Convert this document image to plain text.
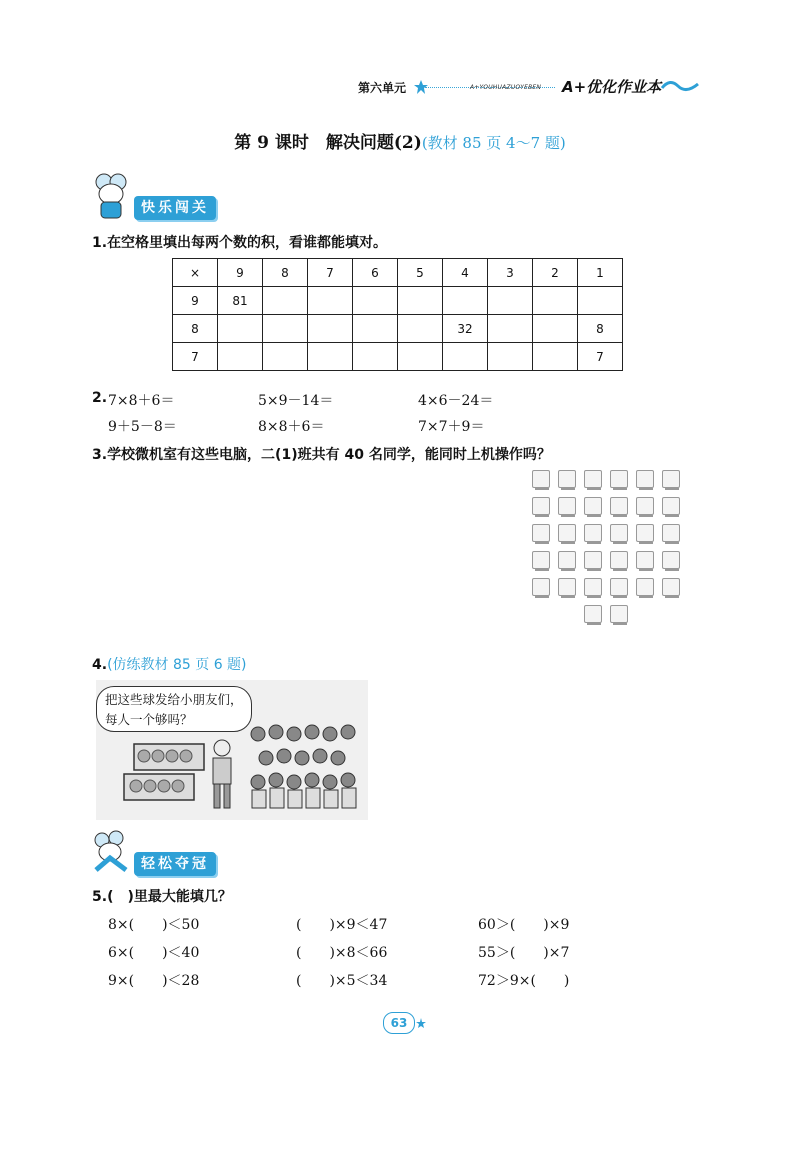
第六单元	A+YOUHUAZUOYEBEN A+优化作业本
第 9 课时　解决问题(2)(教材 85 页 4～7 题)
快乐闯关
1.在空格里填出每两个数的积，看谁都能填对。
×	9	8	7	6	5	4	3	2	1
9	81								
8						32			8
7									7
2. 7×8＋6＝	5×9－14＝	4×6－24＝
9＋5－8＝	8×8＋6＝	7×7＋9＝
3.学校微机室有这些电脑，二(1)班共有 40 名同学，能同时上机操作吗？
4.(仿练教材 85 页 6 题)
把这些球发给小朋友们，每人一个够吗？
轻松夺冠
5.(　)里最大能填几？
8×(　　)＜50	(　　)×9＜47	60＞(　　)×9
6×(　　)＜40	(　　)×8＜66	55＞(　　)×7
9×(　　)＜28	(　　)×5＜34	72＞9×(　　)
63
